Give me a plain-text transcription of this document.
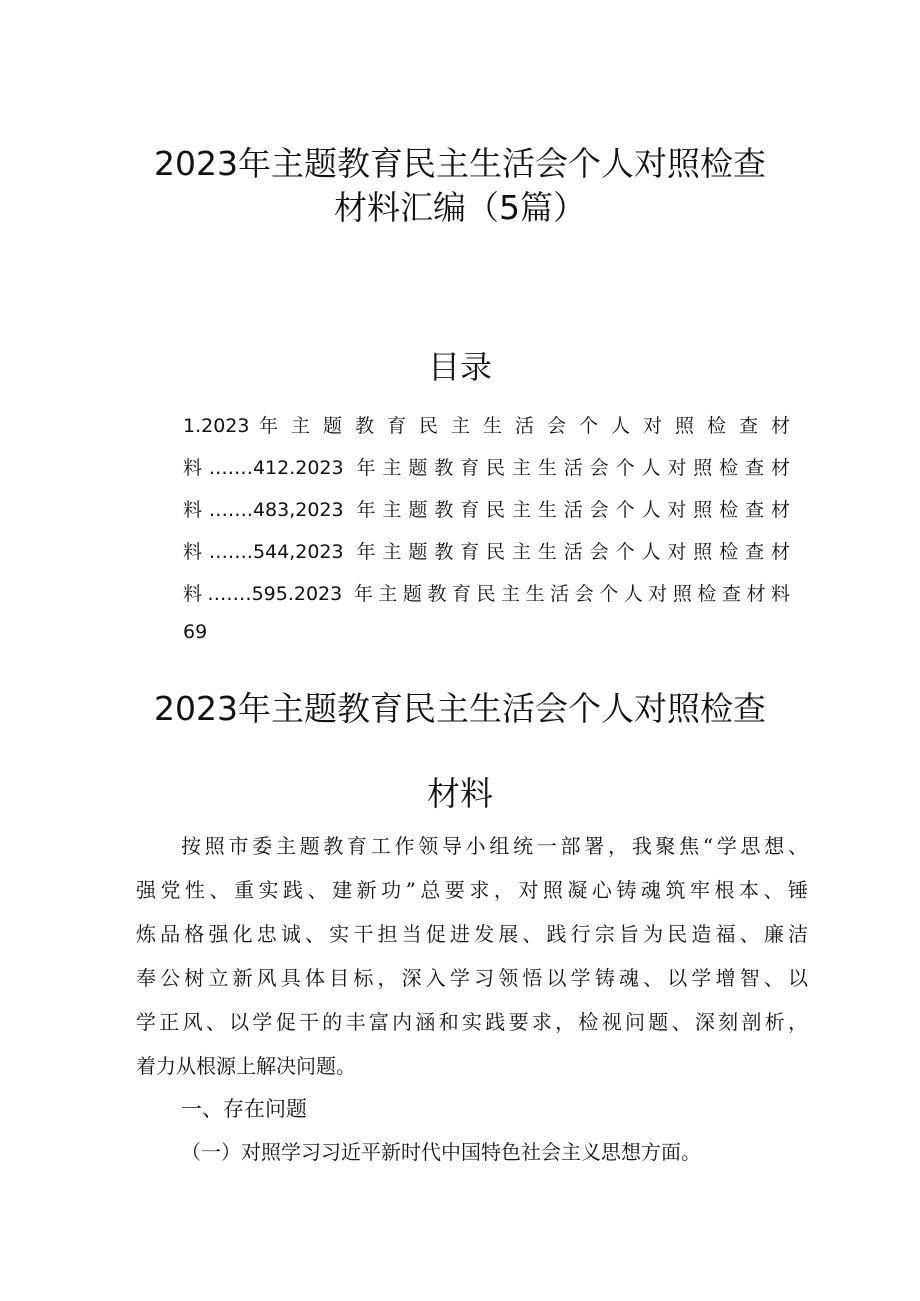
2023年主题教育民主生活会个人对照检查
材料汇编（5篇）
目录
1.2023 年 主 题 教 育 民 主 生 活 会 个 人 对 照 检 查 材
料.……412.2023 年主题教育民主生活会个人对照检查材
料…….483,2023 年主题教育民主生活会个人对照检查材
料…….544,2023 年主题教育民主生活会个人对照检查材
料.……595.2023 年主题教育民主生活会个人对照检查材料
69
2023年主题教育民主生活会个人对照检查
材料
按照市委主题教育工作领导小组统一部署，我聚焦“学思想、
强党性、重实践、建新功”总要求，对照凝心铸魂筑牢根本、锤
炼品格强化忠诚、实干担当促进发展、践行宗旨为民造福、廉洁
奉公树立新风具体目标，深入学习领悟以学铸魂、以学增智、以
学正风、以学促干的丰富内涵和实践要求，检视问题、深刻剖析，
着力从根源上解决问题。
一、存在问题
（一）对照学习习近平新时代中国特色社会主义思想方面。
